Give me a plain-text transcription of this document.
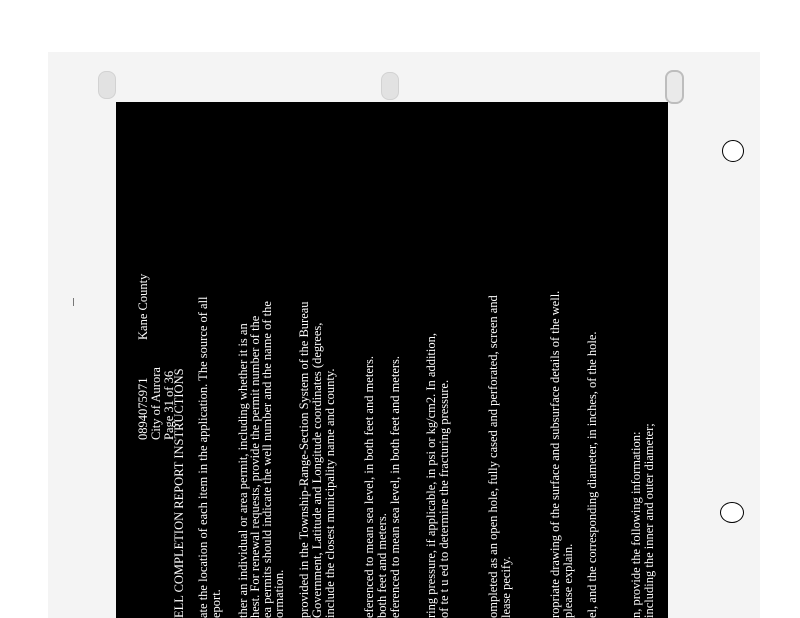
0894075971
Kane County
City of Aurora Page 31 of 36
ELL COMPLETION REPORT INSTRUCTIONS ate the location of each item in the application. The source of all eport. ther an individual or area permit, including whether it is an
hest. For renewal requests, provide the permit number of the
ea permits should indicate the well number and the name of the
ormation. provided in the Township-Range-Section System of the Bureau Government, Latitude and Longitude coordinates (degrees, include the closest municipality name and county. eferenced to mean sea level, in both feet and meters. both feet and meters. eferenced to mean sea level, in both feet and meters. ring pressure, if applicable, in psi or kg/cm2. In addition, of te t u ed to determine the fracturing pressure.	ompleted as an open hole, fully cased and perforated, screen and lease pecify.	ropriate drawing of the surface and subsurface details of the well. please explain. el, and the corresponding diameter, in inches, of the hole. n, provide the following information: including the inner and outer diameter;
